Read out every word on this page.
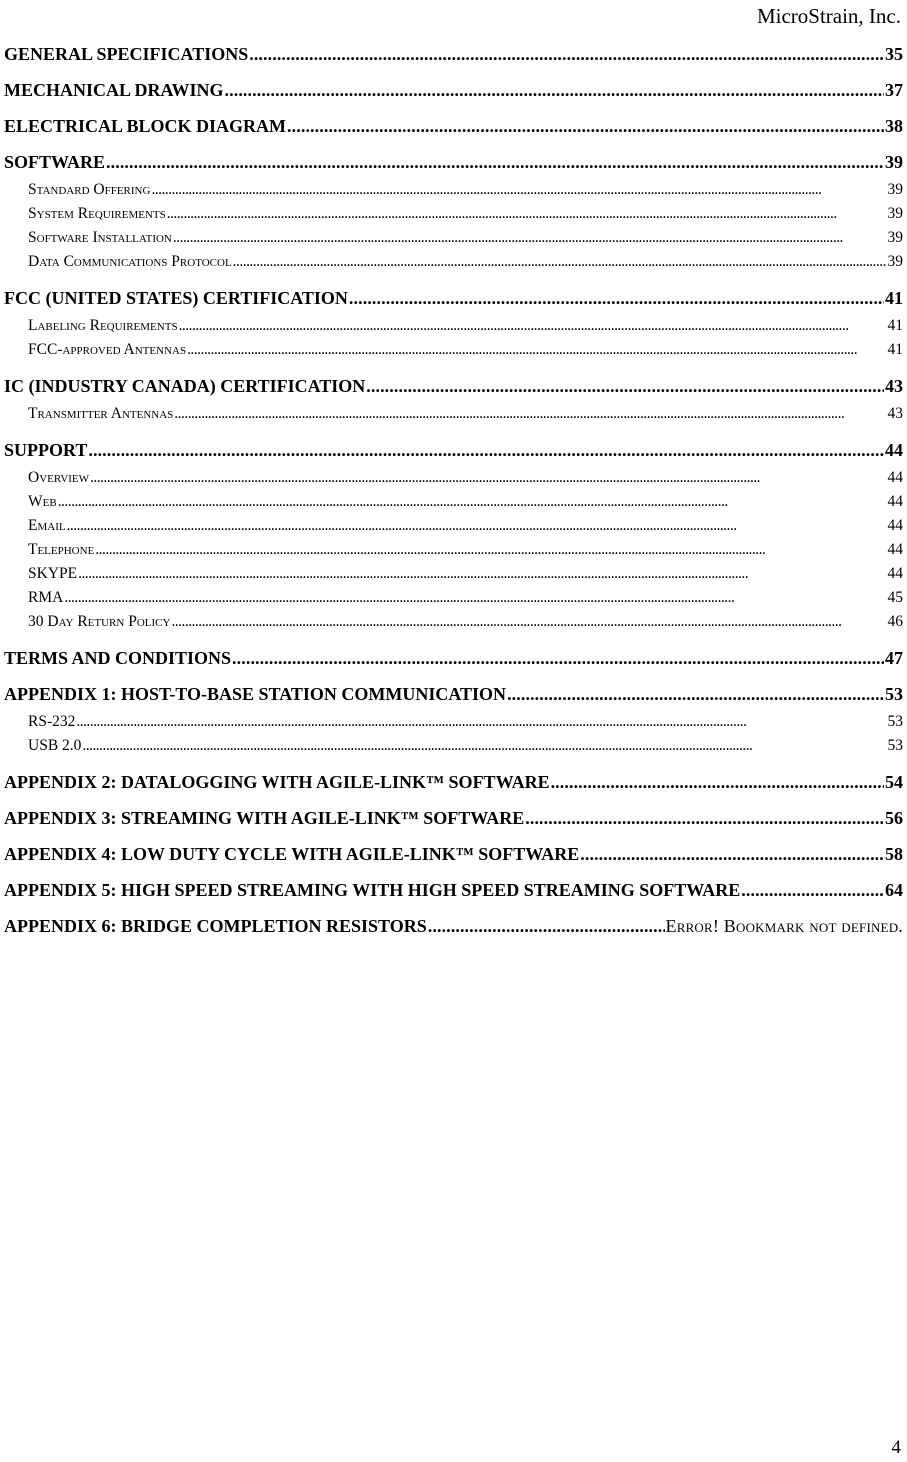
MicroStrain, Inc.
GENERAL SPECIFICATIONS . . .	35
MECHANICAL DRAWING . . .	37
ELECTRICAL BLOCK DIAGRAM . . .	38
SOFTWARE . . .	39
Standard Offering . . .	39
System Requirements . . .	39
Software Installation . . .	39
Data Communications Protocol . . .	39
FCC (UNITED STATES) CERTIFICATION . . .	41
Labeling Requirements . . .	41
FCC-approved Antennas . . .	41
IC (INDUSTRY CANADA) CERTIFICATION . . .	43
Transmitter Antennas . . .	43
SUPPORT . . .	44
Overview . . .	44
Web . . .	44
Email . . .	44
Telephone . . .	44
SKYPE . . .	44
RMA . . .	45
30 Day Return Policy . . .	46
TERMS AND CONDITIONS . . .	47
APPENDIX 1: HOST-TO-BASE STATION COMMUNICATION . . .	53
RS-232 . . .	53
USB 2.0 . . .	53
APPENDIX 2: DATALOGGING WITH AGILE-LINK™ SOFTWARE . . .	54
APPENDIX 3: STREAMING WITH AGILE-LINK™ SOFTWARE . . .	56
APPENDIX 4: LOW DUTY CYCLE WITH AGILE-LINK™ SOFTWARE . . .	58
APPENDIX 5: HIGH SPEED STREAMING WITH HIGH SPEED STREAMING SOFTWARE . . .	64
APPENDIX 6: BRIDGE COMPLETION RESISTORS . . .	Error! Bookmark not defined.
4
